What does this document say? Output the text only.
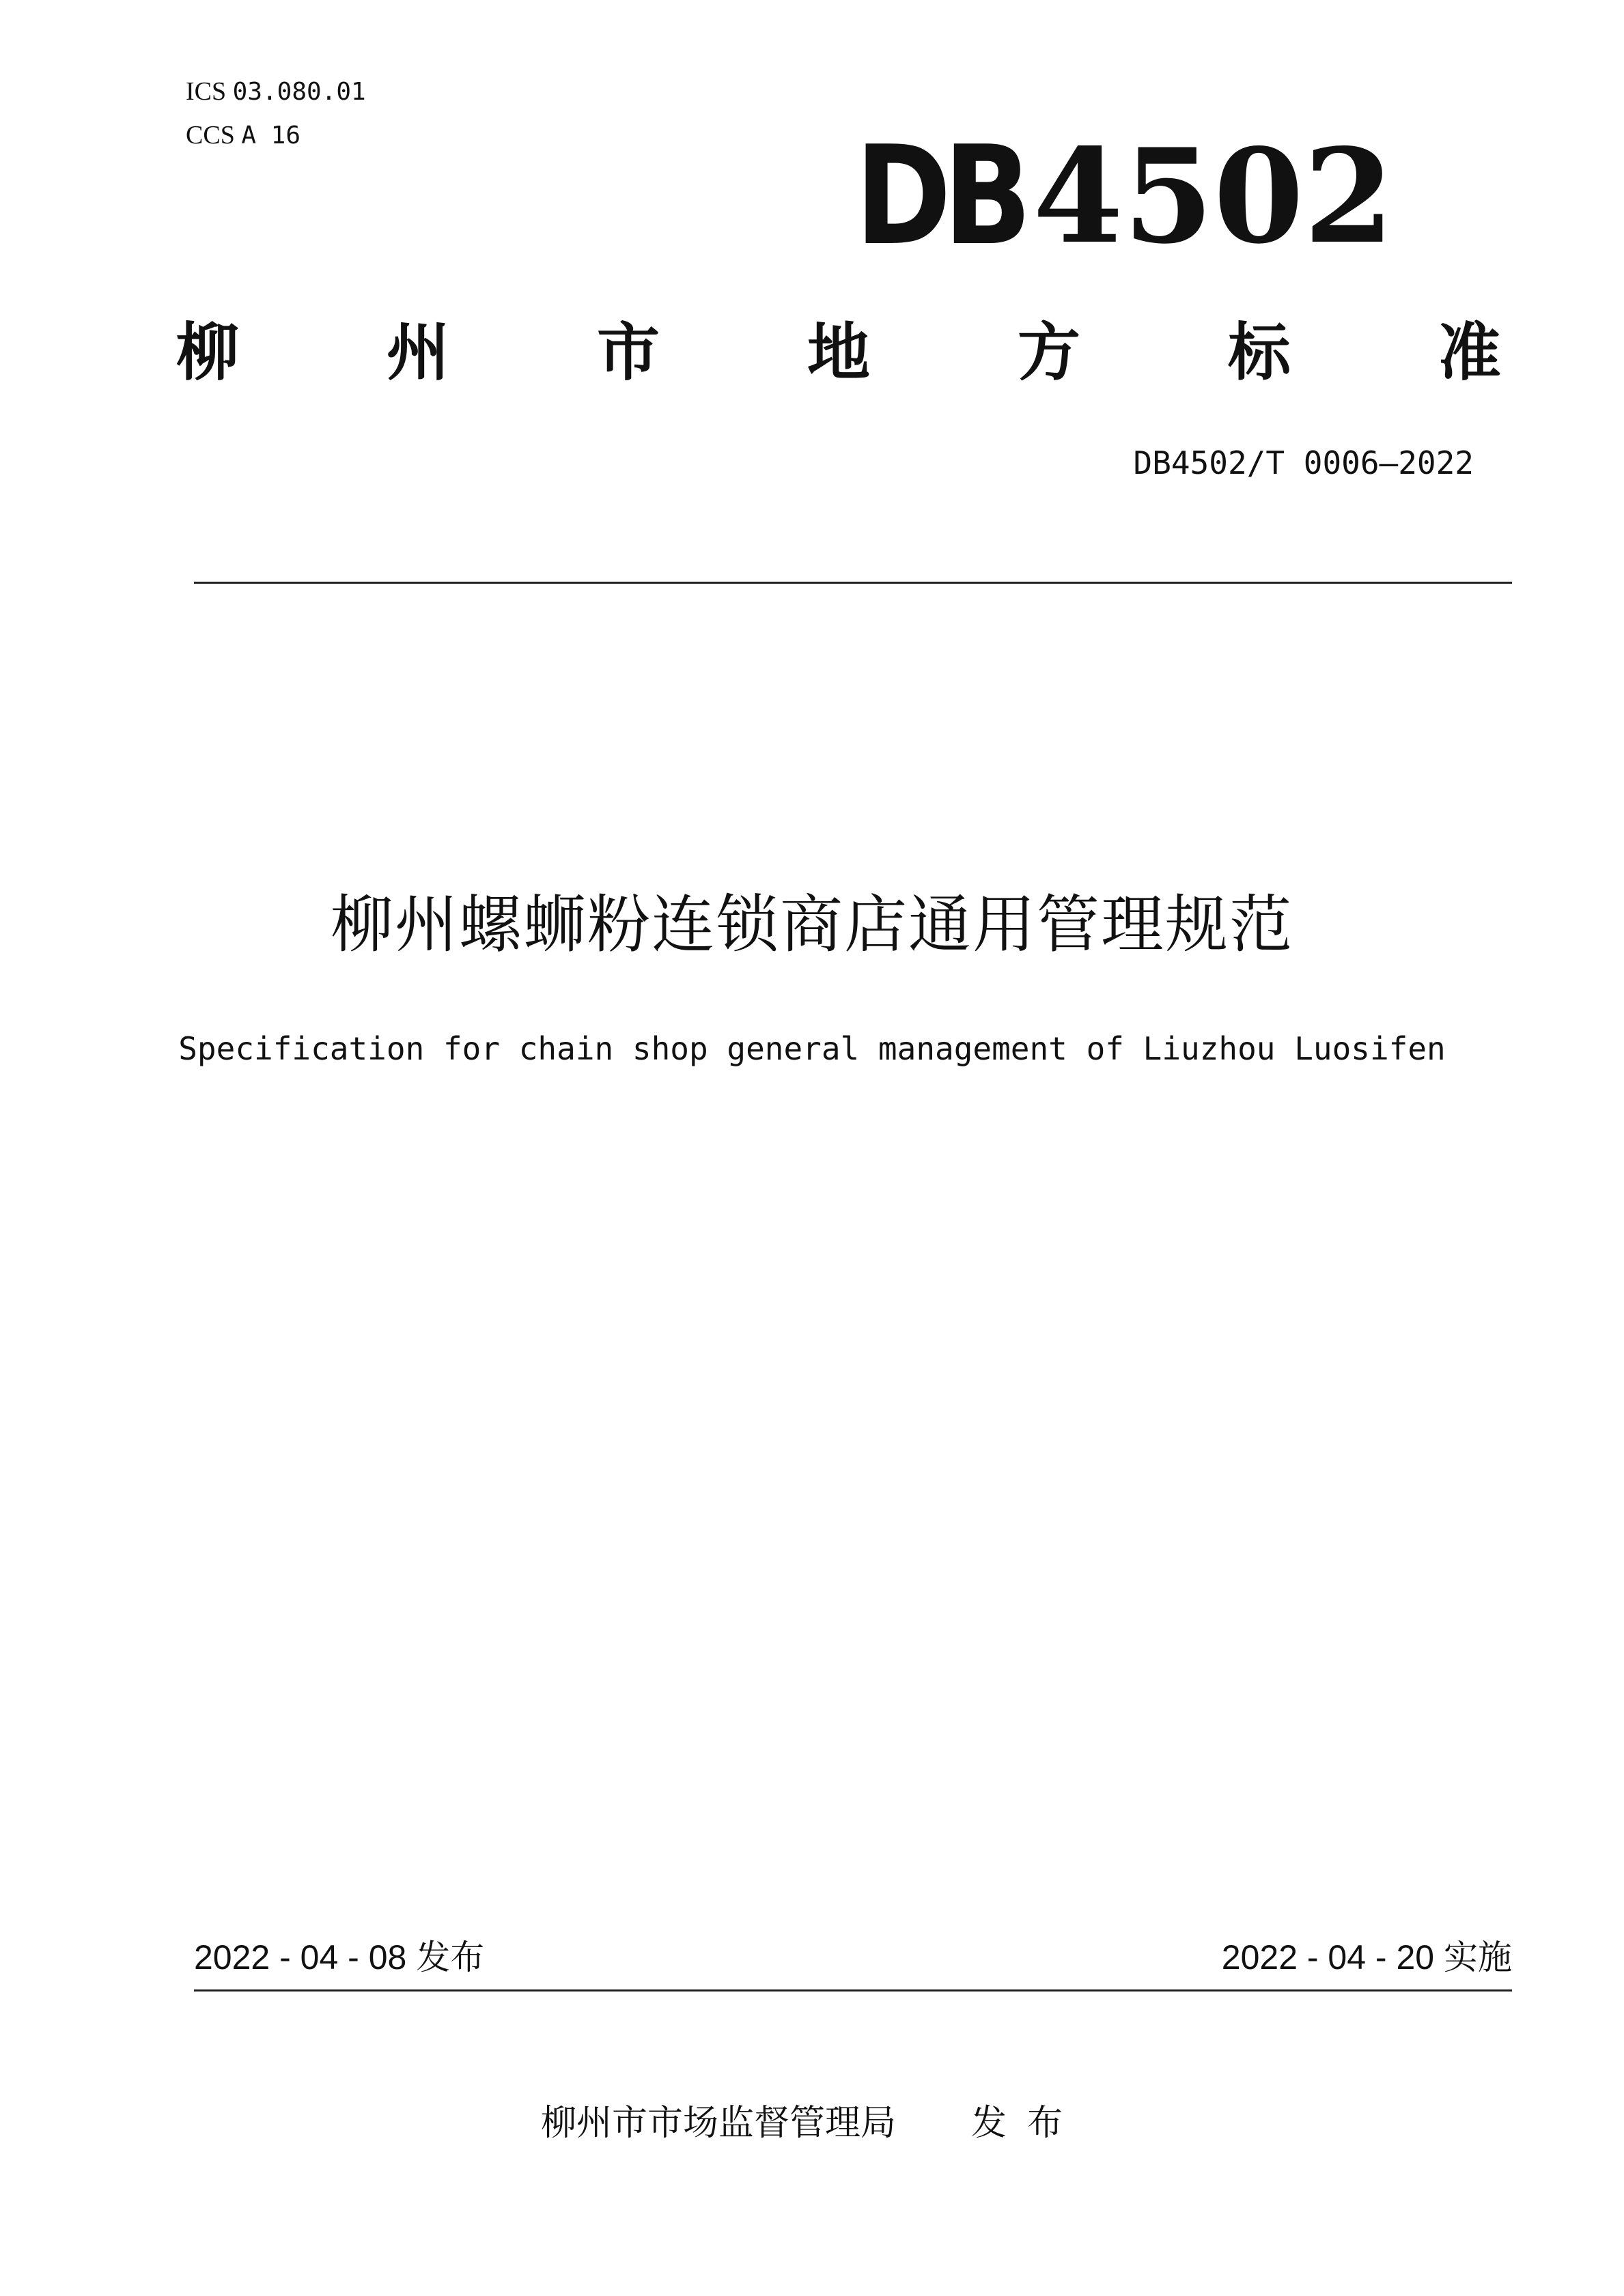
ICS 03.080.01
CCS A 16	DB4502
柳 州 市 地 方 标 准
DB4502/T 0006—2022
柳州螺蛳粉连锁商店通用管理规范
Specification for chain shop general management of Liuzhou Luosifen
2022 - 04 - 08 发布	2022 - 04 - 20 实施
柳州市市场监督管理局 发布
